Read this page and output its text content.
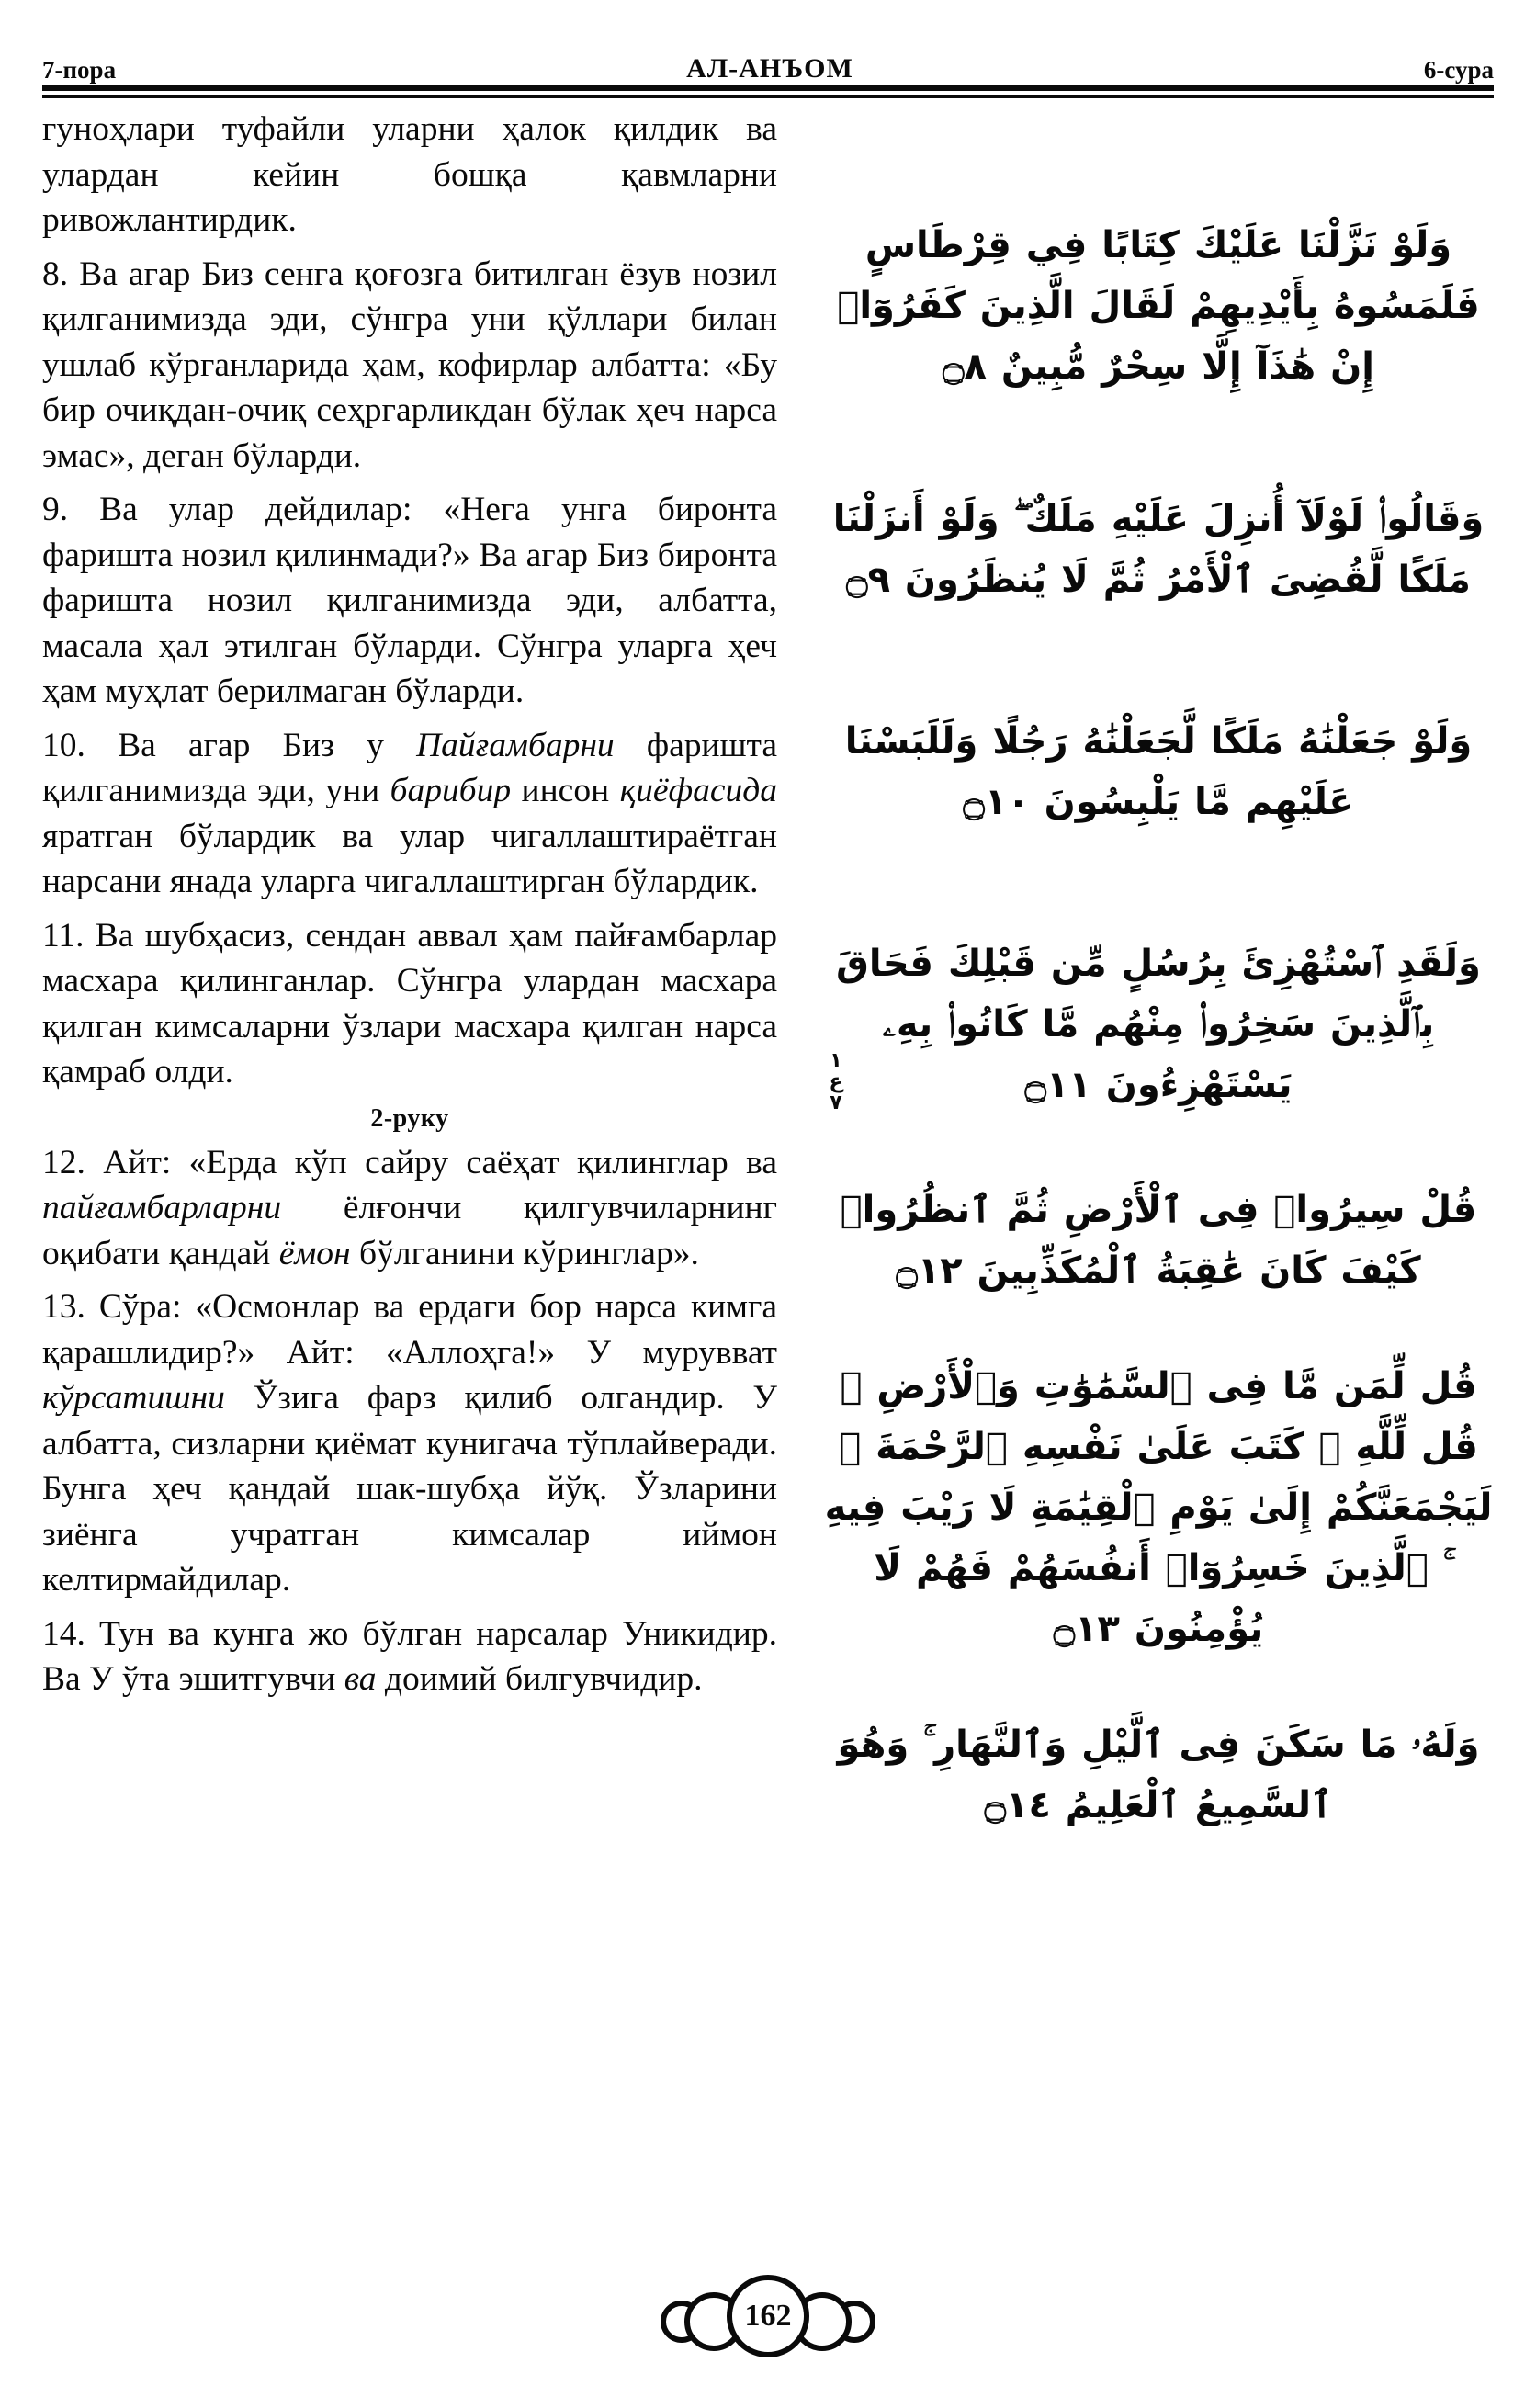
7-пора	АЛ-АНЪОМ	6-сура

гуноҳлари туфайли уларни ҳалок қилдик ва улардан кейин бошқа қавмларни ривожлантирдик.

8. Ва агар Биз сенга қоғозга битилган ёзув нозил қилганимизда эди, сўнгра уни қўллари билан ушлаб кўрганларида ҳам, кофирлар албатта: «Бу бир очиқдан-очиқ сеҳргарликдан бўлак ҳеч нарса эмас», деган бўларди.

9. Ва улар дейдилар: «Нега унга биронта фаришта нозил қилинмади?» Ва агар Биз биронта фаришта нозил қилганимизда эди, албатта, масала ҳал этилган бўларди. Сўнгра уларга ҳеч ҳам муҳлат берилмаган бўларди.

10. Ва агар Биз у Пайғамбарни фаришта қилганимизда эди, уни барибир инсон қиёфасида яратган бўлардик ва улар чигаллаштираётган нарсани янада уларга чигаллаштирган бўлардик.

11. Ва шубҳасиз, сендан аввал ҳам пайғамбарлар масхара қилинганлар. Сўнгра улардан масхара қилган кимсаларни ўзлари масхара қилган нарса қамраб олди.

2-руку

12. Айт: «Ерда кўп сайру саёҳат қилинглар ва пайғамбарларни ёлғончи қилгувчиларнинг оқибати қандай ёмон бўлганини кўринглар».

13. Сўра: «Осмонлар ва ердаги бор нарса кимга қарашлидир?» Айт: «Аллоҳга!» У мурувват кўрсатишни Ўзига фарз қилиб олгандир. У албатта, сизларни қиёмат кунигача тўплайверади. Бунга ҳеч қандай шак-шубҳа йўқ. Ўзларини зиёнга учратган кимсалар иймон келтирмайдилар.

14. Тун ва кунга жо бўлган нарсалар Уникидир. Ва У ўта эшитгувчи ва доимий билгувчидир.

وَلَوْ نَزَّلْنَا عَلَيْكَ كِتَابًا فِي قِرْطَاسٍ فَلَمَسُوهُ بِأَيْدِيهِمْ لَقَالَ الَّذِينَ كَفَرُوٓا۟ إِنْ هَٰذَآ إِلَّا سِحْرٌ مُّبِينٌ ۝٨
وَقَالُوا۟ لَوْلَآ أُنزِلَ عَلَيْهِ مَلَكٌ ۖ وَلَوْ أَنزَلْنَا مَلَكًا لَّقُضِىَ ٱلْأَمْرُ ثُمَّ لَا يُنظَرُونَ ۝٩
وَلَوْ جَعَلْنَٰهُ مَلَكًا لَّجَعَلْنَٰهُ رَجُلًا وَلَلَبَسْنَا عَلَيْهِم مَّا يَلْبِسُونَ ۝١٠
وَلَقَدِ ٱسْتُهْزِئَ بِرُسُلٍ مِّن قَبْلِكَ فَحَاقَ بِٱلَّذِينَ سَخِرُوا۟ مِنْهُم مَّا كَانُوا۟ بِهِۦ يَسْتَهْزِءُونَ ۝١١
١
ع
٧
قُلْ سِيرُوا۟ فِى ٱلْأَرْضِ ثُمَّ ٱنظُرُوا۟ كَيْفَ كَانَ عَٰقِبَةُ ٱلْمُكَذِّبِينَ ۝١٢
قُل لِّمَن مَّا فِى ٱلسَّمَٰوَٰتِ وَٱلْأَرْضِ ۖ قُل لِّلَّهِ ۚ كَتَبَ عَلَىٰ نَفْسِهِ ٱلرَّحْمَةَ ۚ لَيَجْمَعَنَّكُمْ إِلَىٰ يَوْمِ ٱلْقِيَٰمَةِ لَا رَيْبَ فِيهِ ۚ ٱلَّذِينَ خَسِرُوٓا۟ أَنفُسَهُمْ فَهُمْ لَا يُؤْمِنُونَ ۝١٣
وَلَهُۥ مَا سَكَنَ فِى ٱلَّيْلِ وَٱلنَّهَارِ ۚ وَهُوَ ٱلسَّمِيعُ ٱلْعَلِيمُ ۝١٤
162
